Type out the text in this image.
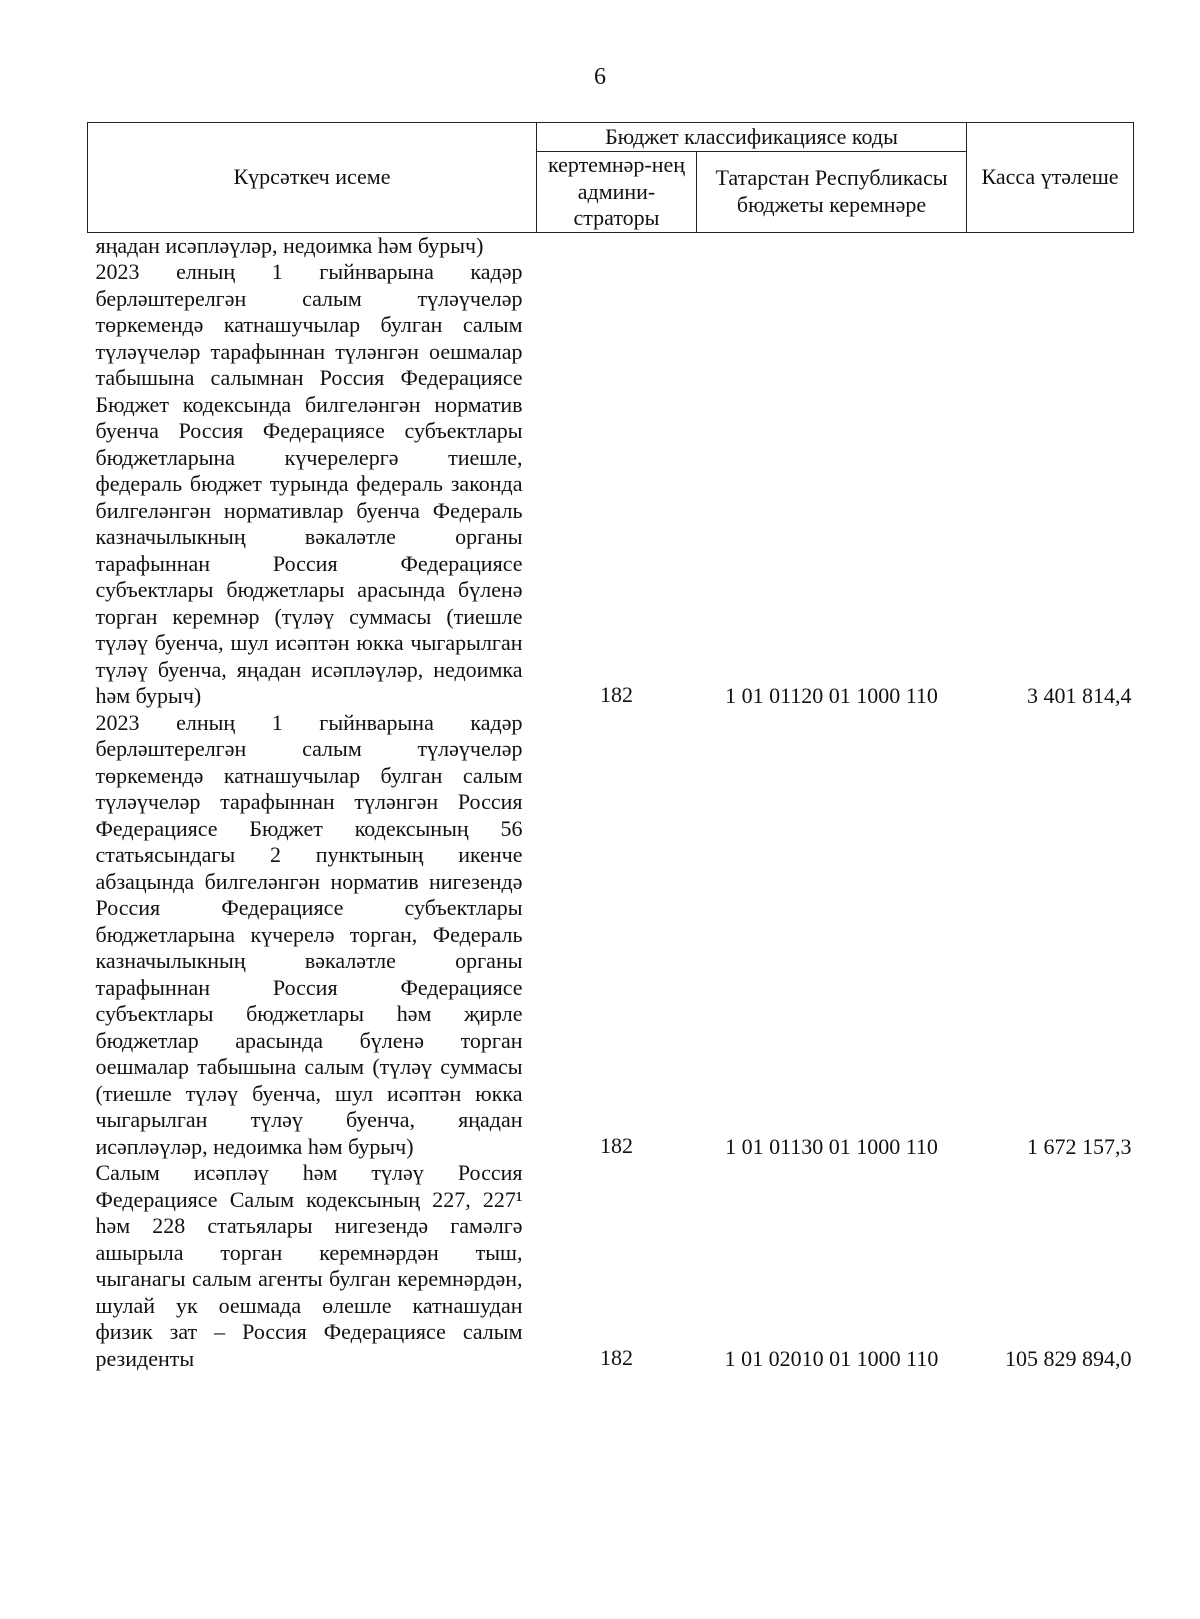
6
Күрсәткеч исеме	Бюджет классификациясе коды		Касса үтәлеше
	кертемнәр-нең админи-страторы	Татарстан Республикасы бюджеты керемнәре	
яңадан исәпләүләр, недоимка һәм бурыч)			
2023 елның 1 гыйнварына кадәр берләштерелгән салым түләүчеләр төркемендә катнашучылар булган салым түләүчеләр тарафыннан түләнгән оешмалар табышына салымнан Россия Федерациясе Бюджет кодексында билгеләнгән норматив буенча Россия Федерациясе субъектлары бюджетларына күчерелергә тиешле, федераль бюджет турында федераль законда билгеләнгән нормативлар буенча Федераль казначылыкның вәкаләтле органы тарафыннан Россия Федерациясе субъектлары бюджетлары арасында бүленә торган керемнәр (түләү суммасы (тиешле түләү буенча, шул исәптән юкка чыгарылган түләү буенча, яңадан исәпләүләр, недоимка һәм бурыч)	182	1 01 01120 01 1000 110	3 401 814,4
2023 елның 1 гыйнварына кадәр берләштерелгән салым түләүчеләр төркемендә катнашучылар булган салым түләүчеләр тарафыннан түләнгән Россия Федерациясе Бюджет кодексының 56 статьясындагы 2 пунктының икенче абзацында билгеләнгән норматив нигезендә Россия Федерациясе субъектлары бюджетларына күчерелә торган, Федераль казначылыкның вәкаләтле органы тарафыннан Россия Федерациясе субъектлары бюджетлары һәм җирле бюджетлар арасында бүленә торган оешмалар табышына салым (түләү суммасы (тиешле түләү буенча, шул исәптән юкка чыгарылган түләү буенча, яңадан исәпләүләр, недоимка һәм бурыч)	182	1 01 01130 01 1000 110	1 672 157,3
Салым исәпләү һәм түләү Россия Федерациясе Салым кодексының 227, 227¹ һәм 228 статьялары нигезендә гамәлгә ашырыла торган керемнәрдән тыш, чыганагы салым агенты булган керемнәрдән, шулай ук оешмада өлешле катнашудан физик зат – Россия Федерациясе салым резиденты	182	1 01 02010 01 1000 110	105 829 894,0
